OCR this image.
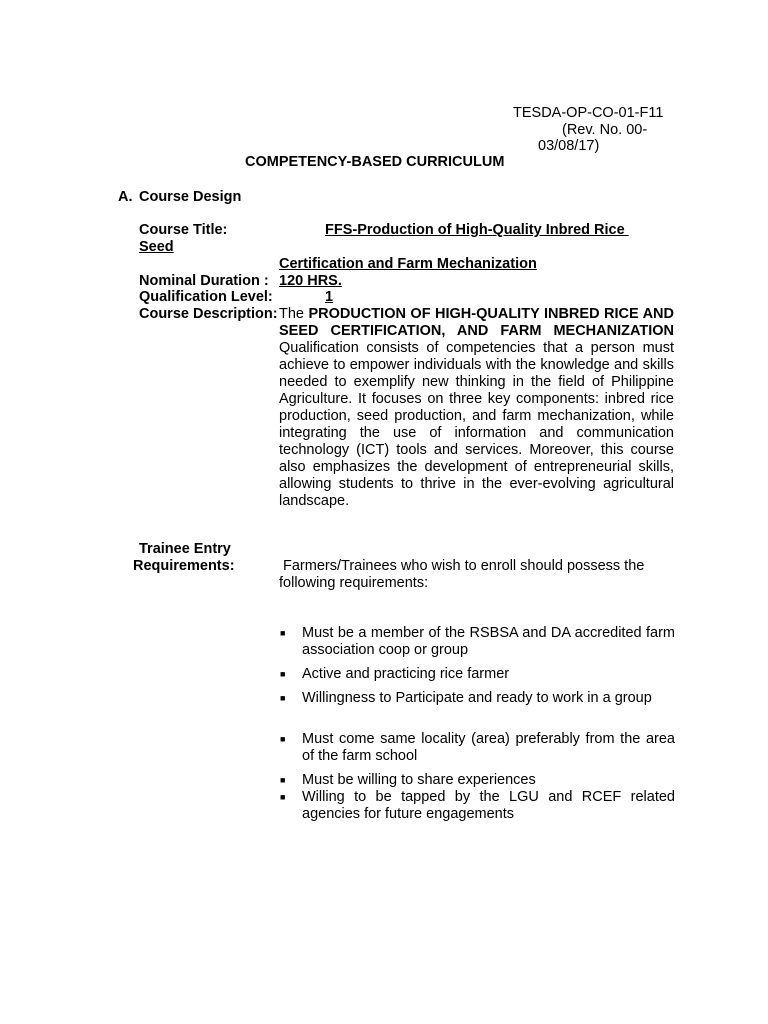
TESDA-OP-CO-01-F11
(Rev. No. 00-
03/08/17)
COMPETENCY-BASED CURRICULUM
A. Course Design
Course Title:	FFS-Production of High-Quality Inbred Rice
Seed
Certification and Farm Mechanization
Nominal Duration : 120 HRS.
Qualification Level:	1
Course Description: The PRODUCTION OF HIGH-QUALITY INBRED RICE AND SEED CERTIFICATION, AND FARM MECHANIZATION Qualification consists of competencies that a person must achieve to empower individuals with the knowledge and skills needed to exemplify new thinking in the field of Philippine Agriculture. It focuses on three key components: inbred rice production, seed production, and farm mechanization, while integrating the use of information and communication technology (ICT) tools and services. Moreover, this course also emphasizes the development of entrepreneurial skills, allowing students to thrive in the ever-evolving agricultural landscape.
Trainee Entry
Requirements:	Farmers/Trainees who wish to enroll should possess the following requirements:
■ Must be a member of the RSBSA and DA accredited farm association coop or group
■ Active and practicing rice farmer
■ Willingness to Participate and ready to work in a group
■ Must come same locality (area) preferably from the area of the farm school
■ Must be willing to share experiences
■ Willing to be tapped by the LGU and RCEF related agencies for future engagements
